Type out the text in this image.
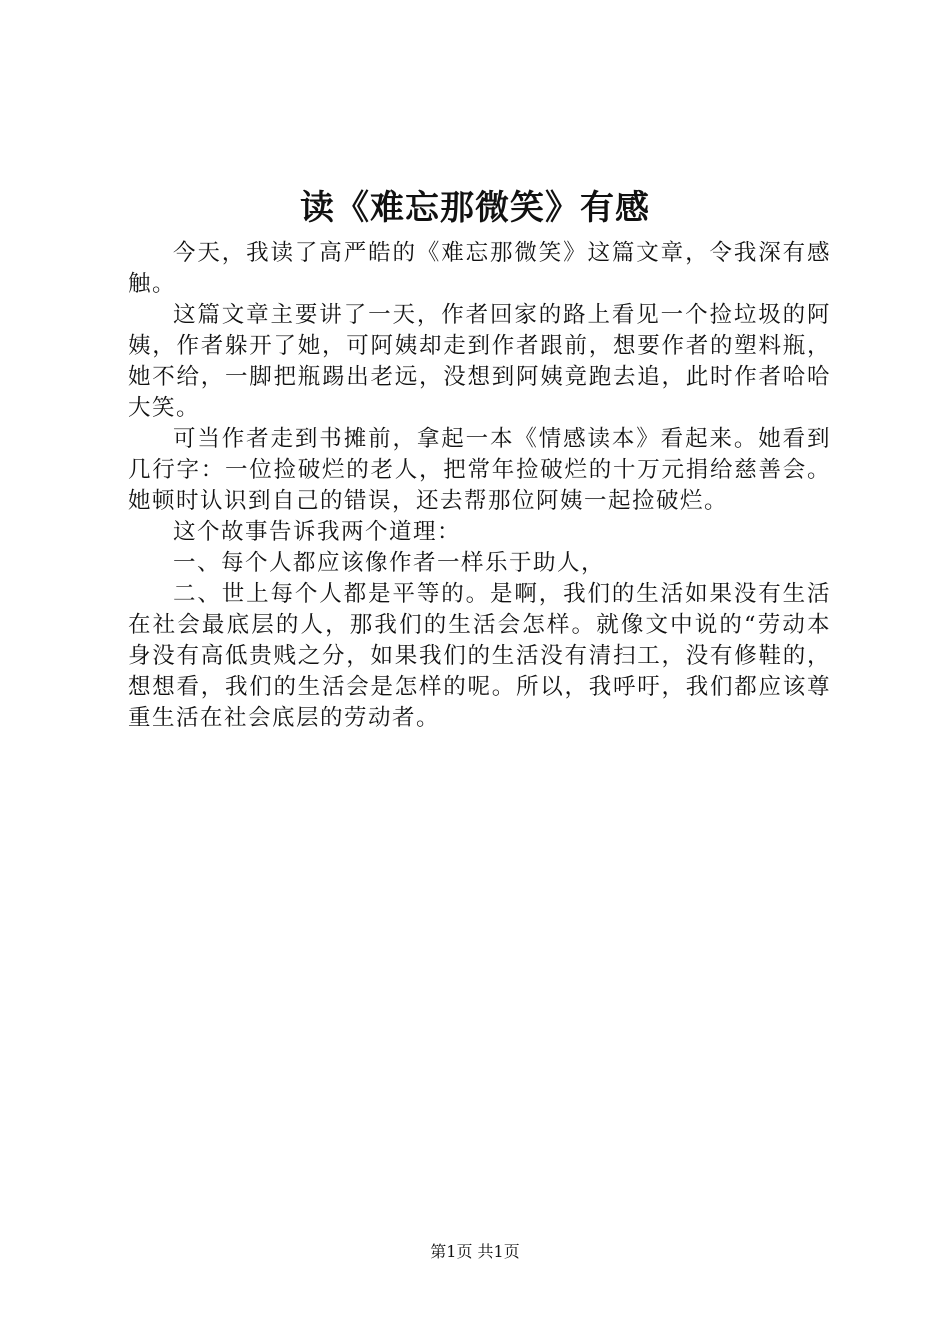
读《难忘那微笑》有感

今天，我读了高严皓的《难忘那微笑》这篇文章，令我深有感触。

这篇文章主要讲了一天，作者回家的路上看见一个捡垃圾的阿姨，作者躲开了她，可阿姨却走到作者跟前，想要作者的塑料瓶，她不给，一脚把瓶踢出老远，没想到阿姨竟跑去追，此时作者哈哈大笑。

可当作者走到书摊前，拿起一本《情感读本》看起来。她看到几行字：一位捡破烂的老人，把常年捡破烂的十万元捐给慈善会。她顿时认识到自己的错误，还去帮那位阿姨一起捡破烂。

这个故事告诉我两个道理：

一、每个人都应该像作者一样乐于助人，

二、世上每个人都是平等的。是啊，我们的生活如果没有生活在社会最底层的人，那我们的生活会怎样。就像文中说的“劳动本身没有高低贵贱之分，如果我们的生活没有清扫工，没有修鞋的，想想看，我们的生活会是怎样的呢。所以，我呼吁，我们都应该尊重生活在社会底层的劳动者。

第1页 共1页
